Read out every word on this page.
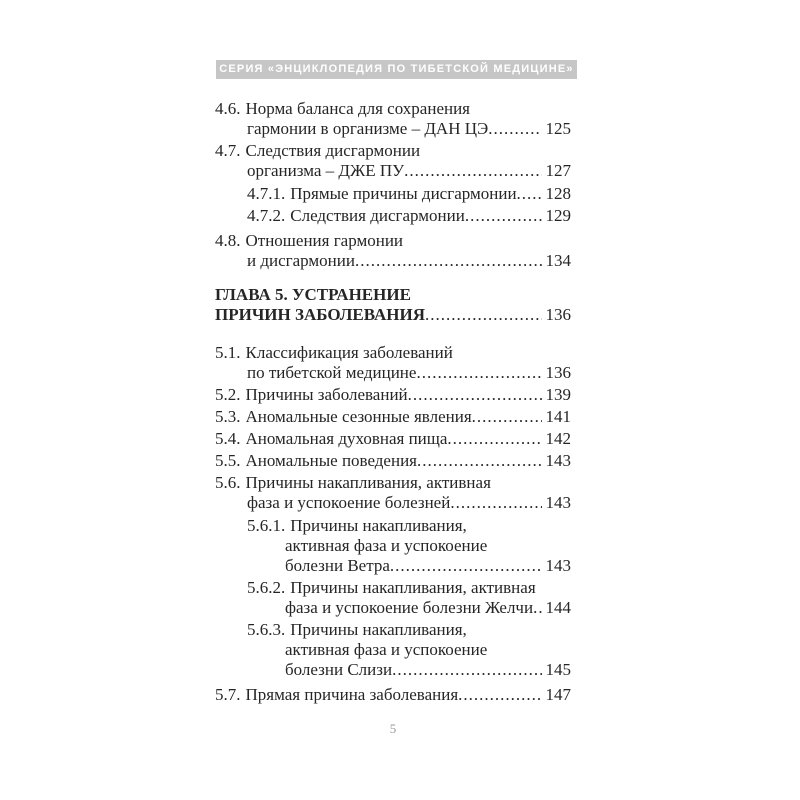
СЕРИЯ «ЭНЦИКЛОПЕДИЯ ПО ТИБЕТСКОЙ МЕДИЦИНЕ»
4.6. Норма баланса для сохранения
гармонии в организме – ДАН ЦЭ .....	125
4.7. Следствия дисгармонии
организма – ДЖЕ ПУ .....	127
4.7.1. Прямые причины дисгармонии ..... 128
4.7.2. Следствия дисгармонии .....	129
4.8. Отношения гармонии
и дисгармонии .....	134
ГЛАВА 5. УСТРАНЕНИЕ
ПРИЧИН ЗАБОЛЕВАНИЯ .....	136
5.1. Классификация заболеваний
по тибетской медицине .....	136
5.2. Причины заболеваний .....	139
5.3. Аномальные сезонные явления .....	141
5.4. Аномальная духовная пища .....	142
5.5. Аномальные поведения .....	143
5.6. Причины накапливания, активная
фаза и успокоение болезней .....	143
5.6.1. Причины накапливания,
активная фаза и успокоение
болезни Ветра .....	143
5.6.2. Причины накапливания, активная
фаза и успокоение болезни Желчи ..... 144
5.6.3. Причины накапливания,
активная фаза и успокоение
болезни Слизи .....	145
5.7. Прямая причина заболевания .....	147
5
